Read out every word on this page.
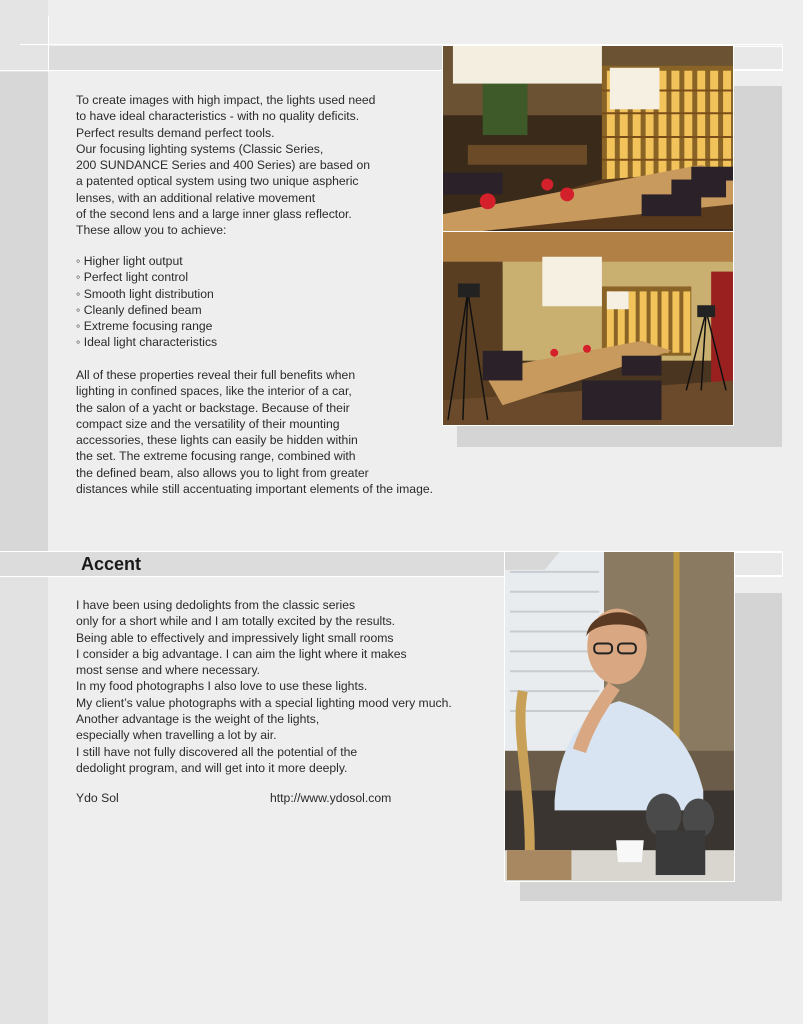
To create images with high impact, the lights used need

to have ideal characteristics - with no quality deficits.

Perfect results demand perfect tools.

Our focusing lighting systems (Classic Series,

200 SUNDANCE Series and 400 Series) are based on

a patented optical system using two unique aspheric

lenses, with an additional relative movement

of the second lens and a large inner glass reflector.

These allow you to achieve:

◦ Higher light output
◦ Perfect light control
◦ Smooth light distribution
◦ Cleanly defined beam
◦ Extreme focusing range
◦ Ideal light characteristics

All of these properties reveal their full benefits when

lighting in confined spaces, like the interior of a car,

the salon of a yacht or backstage. Because of their

compact size and the versatility of their mounting

accessories, these lights can easily be hidden within

the set. The extreme focusing range, combined with

the defined beam, also allows you to light from greater

distances while still accentuating important elements of the image.

Accent

I have been using dedolights from the classic series

only for a short while and I am totally excited by the results.

Being able to effectively and impressively light small rooms

I consider a big advantage. I can aim the light where it makes

most sense and where necessary.

In my food photographs I also love to use these lights.

My client’s value photographs with a special lighting mood very much.

Another advantage is the weight of the lights,

especially when travelling a lot by air.

I still have not fully discovered all the potential of the

dedolight program, and will get into it more deeply.

Ydo Sol	http://www.ydosol.com
